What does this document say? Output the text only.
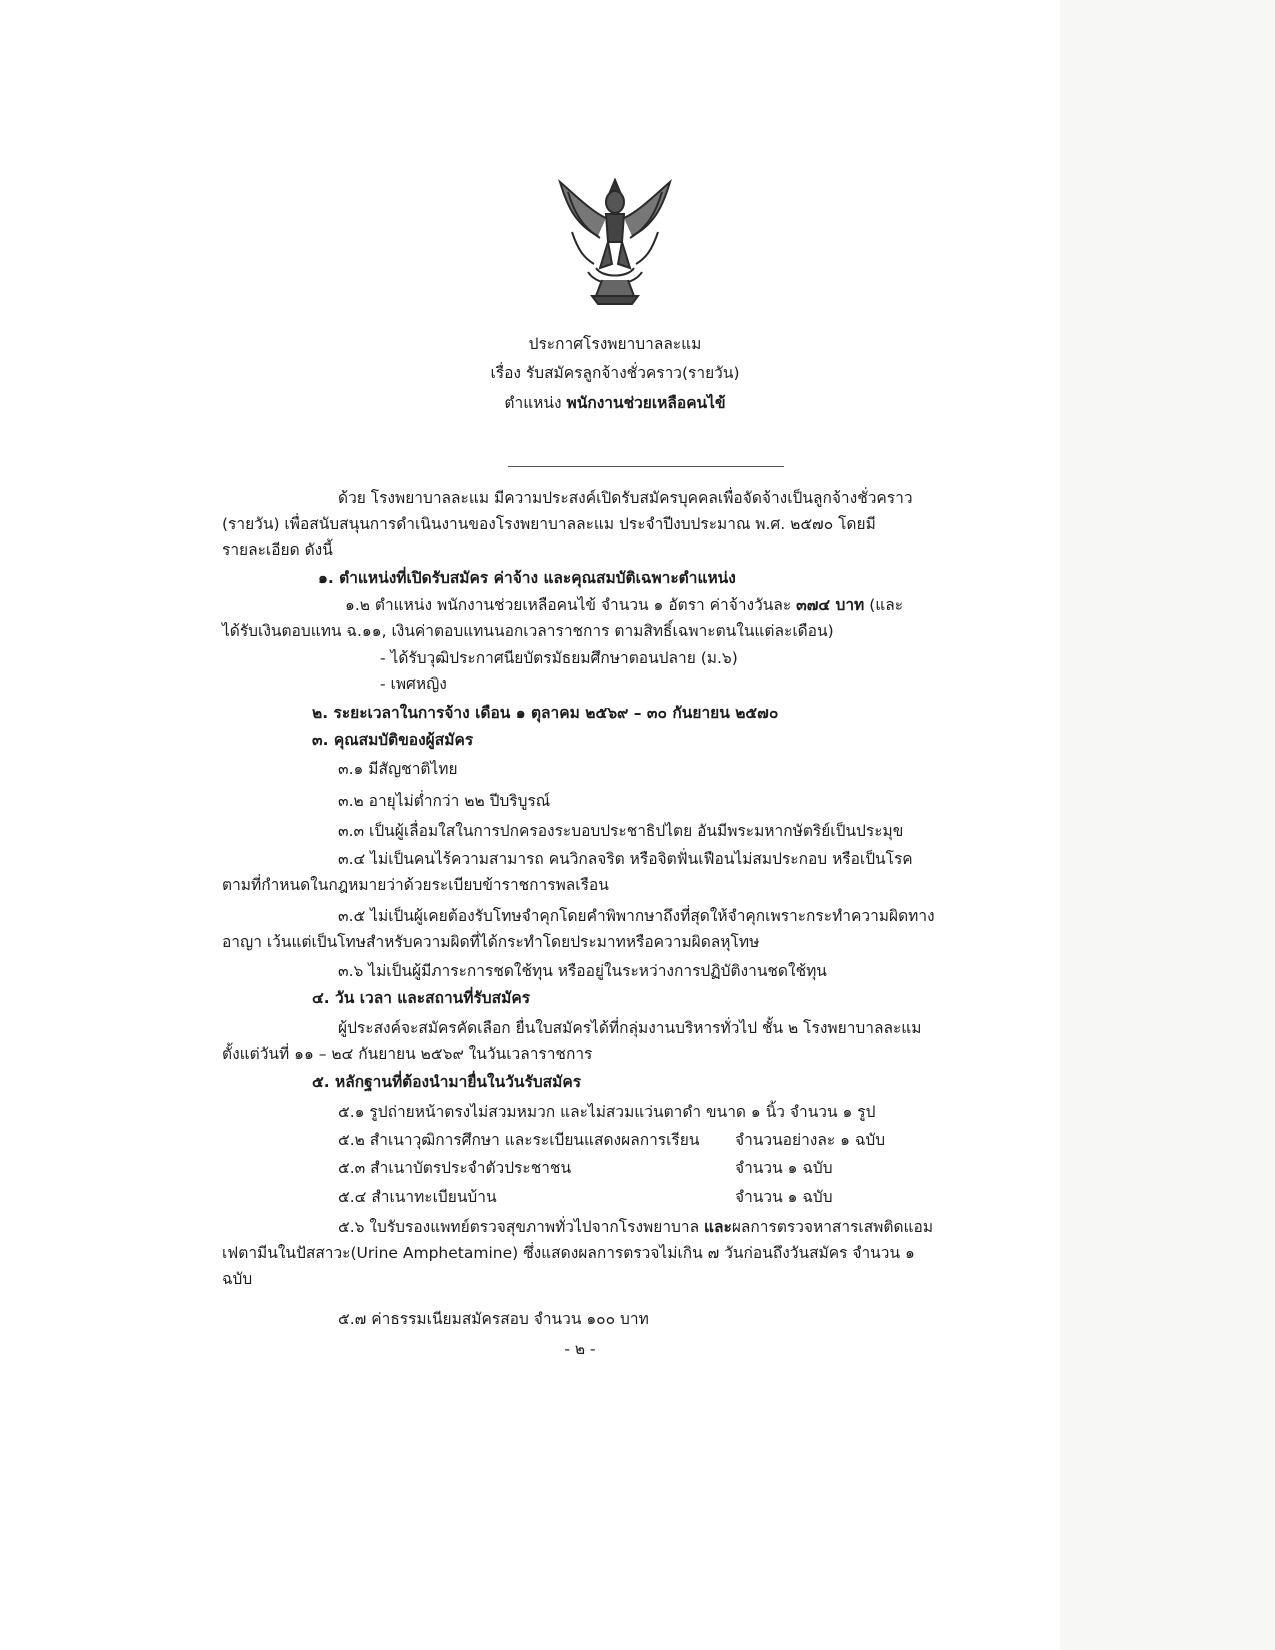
ประกาศโรงพยาบาลละแม
เรื่อง รับสมัครลูกจ้างชั่วคราว(รายวัน)
ตำแหน่ง พนักงานช่วยเหลือคนไข้
ด้วย โรงพยาบาลละแม มีความประสงค์เปิดรับสมัครบุคคลเพื่อจัดจ้างเป็นลูกจ้างชั่วคราว
(รายวัน) เพื่อสนับสนุนการดำเนินงานของโรงพยาบาลละแม ประจำปีงบประมาณ พ.ศ. ๒๕๗๐ โดยมี
รายละเอียด ดังนี้
๑. ตำแหน่งที่เปิดรับสมัคร ค่าจ้าง และคุณสมบัติเฉพาะตำแหน่ง
๑.๒ ตำแหน่ง พนักงานช่วยเหลือคนไข้ จำนวน ๑ อัตรา ค่าจ้างวันละ ๓๗๔ บาท (และ
ได้รับเงินตอบแทน ฉ.๑๑, เงินค่าตอบแทนนอกเวลาราชการ ตามสิทธิ์เฉพาะตนในแต่ละเดือน)
- ได้รับวุฒิประกาศนียบัตรมัธยมศึกษาตอนปลาย (ม.๖)
- เพศหญิง
๒. ระยะเวลาในการจ้าง เดือน ๑ ตุลาคม ๒๕๖๙ – ๓๐ กันยายน ๒๕๗๐
๓. คุณสมบัติของผู้สมัคร
๓.๑ มีสัญชาติไทย
๓.๒ อายุไม่ต่ำกว่า ๒๒ ปีบริบูรณ์
๓.๓ เป็นผู้เลื่อมใสในการปกครองระบอบประชาธิปไตย อันมีพระมหากษัตริย์เป็นประมุข
๓.๔ ไม่เป็นคนไร้ความสามารถ คนวิกลจริต หรือจิตฟั่นเฟือนไม่สมประกอบ หรือเป็นโรค
ตามที่กำหนดในกฎหมายว่าด้วยระเบียบข้าราชการพลเรือน
๓.๕ ไม่เป็นผู้เคยต้องรับโทษจำคุกโดยคำพิพากษาถึงที่สุดให้จำคุกเพราะกระทำความผิดทาง
อาญา เว้นแต่เป็นโทษสำหรับความผิดที่ได้กระทำโดยประมาทหรือความผิดลหุโทษ
๓.๖ ไม่เป็นผู้มีภาระการชดใช้ทุน หรืออยู่ในระหว่างการปฏิบัติงานชดใช้ทุน
๔. วัน เวลา และสถานที่รับสมัคร
ผู้ประสงค์จะสมัครคัดเลือก ยื่นใบสมัครได้ที่กลุ่มงานบริหารทั่วไป ชั้น ๒ โรงพยาบาลละแม
ตั้งแต่วันที่ ๑๑ – ๒๔ กันยายน ๒๕๖๙ ในวันเวลาราชการ
๕. หลักฐานที่ต้องนำมายื่นในวันรับสมัคร
๕.๑ รูปถ่ายหน้าตรงไม่สวมหมวก และไม่สวมแว่นตาดำ ขนาด ๑ นิ้ว จำนวน ๑ รูป
๕.๒ สำเนาวุฒิการศึกษา และระเบียนแสดงผลการเรียน จำนวนอย่างละ ๑ ฉบับ
๕.๓ สำเนาบัตรประจำตัวประชาชน	จำนวน ๑ ฉบับ
๕.๔ สำเนาทะเบียนบ้าน	จำนวน ๑ ฉบับ
๕.๖ ใบรับรองแพทย์ตรวจสุขภาพทั่วไปจากโรงพยาบาล และผลการตรวจหาสารเสพติดแอม
เฟตามีนในปัสสาวะ(Urine Amphetamine) ซึ่งแสดงผลการตรวจไม่เกิน ๗ วันก่อนถึงวันสมัคร จำนวน ๑
ฉบับ
๕.๗ ค่าธรรมเนียมสมัครสอบ จำนวน ๑๐๐ บาท
- ๒ -
